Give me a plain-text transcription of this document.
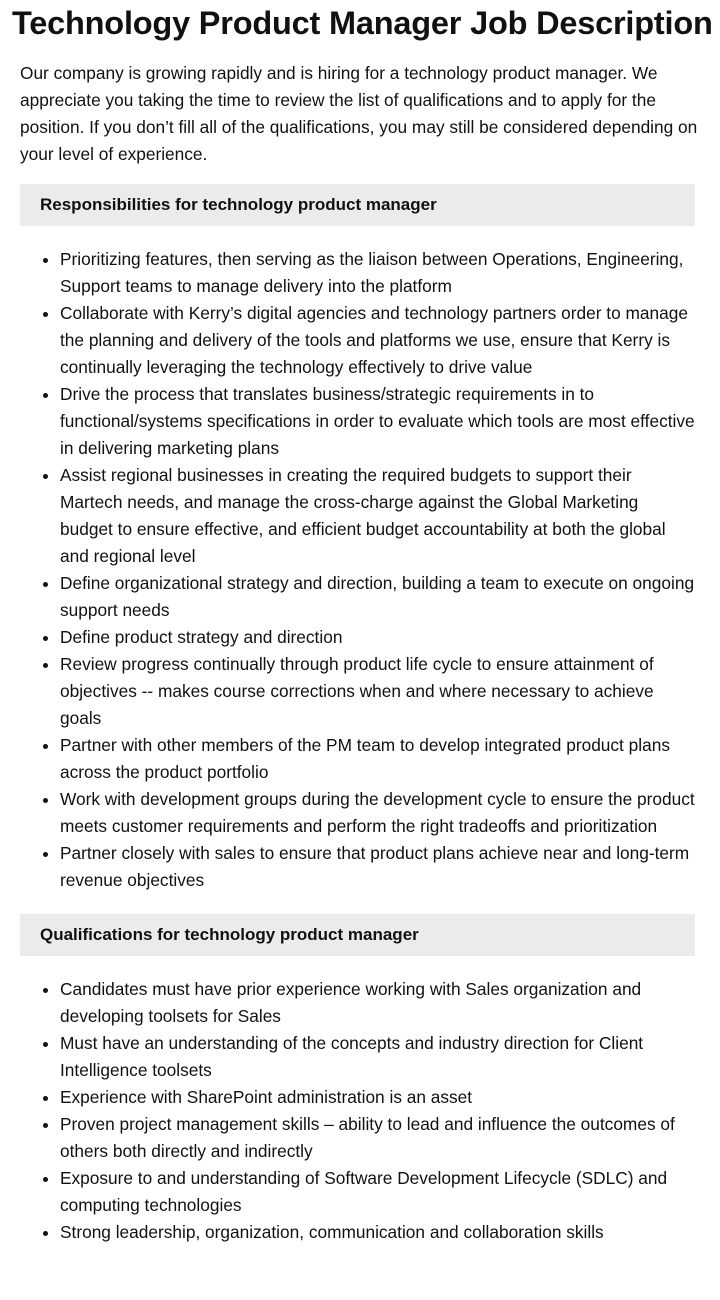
Technology Product Manager Job Description

Our company is growing rapidly and is hiring for a technology product manager. We appreciate you taking the time to review the list of qualifications and to apply for the position. If you don’t fill all of the qualifications, you may still be considered depending on your level of experience.

Responsibilities for technology product manager
• Prioritizing features, then serving as the liaison between Operations, Engineering, Support teams to manage delivery into the platform
• Collaborate with Kerry’s digital agencies and technology partners order to manage the planning and delivery of the tools and platforms we use, ensure that Kerry is continually leveraging the technology effectively to drive value
• Drive the process that translates business/strategic requirements in to functional/systems specifications in order to evaluate which tools are most effective in delivering marketing plans
• Assist regional businesses in creating the required budgets to support their Martech needs, and manage the cross-charge against the Global Marketing budget to ensure effective, and efficient budget accountability at both the global and regional level
• Define organizational strategy and direction, building a team to execute on ongoing support needs
• Define product strategy and direction
• Review progress continually through product life cycle to ensure attainment of objectives -- makes course corrections when and where necessary to achieve goals
• Partner with other members of the PM team to develop integrated product plans across the product portfolio
• Work with development groups during the development cycle to ensure the product meets customer requirements and perform the right tradeoffs and prioritization
• Partner closely with sales to ensure that product plans achieve near and long-term revenue objectives
Qualifications for technology product manager
• Candidates must have prior experience working with Sales organization and developing toolsets for Sales
• Must have an understanding of the concepts and industry direction for Client Intelligence toolsets
• Experience with SharePoint administration is an asset
• Proven project management skills – ability to lead and influence the outcomes of others both directly and indirectly
• Exposure to and understanding of Software Development Lifecycle (SDLC) and computing technologies
• Strong leadership, organization, communication and collaboration skills
